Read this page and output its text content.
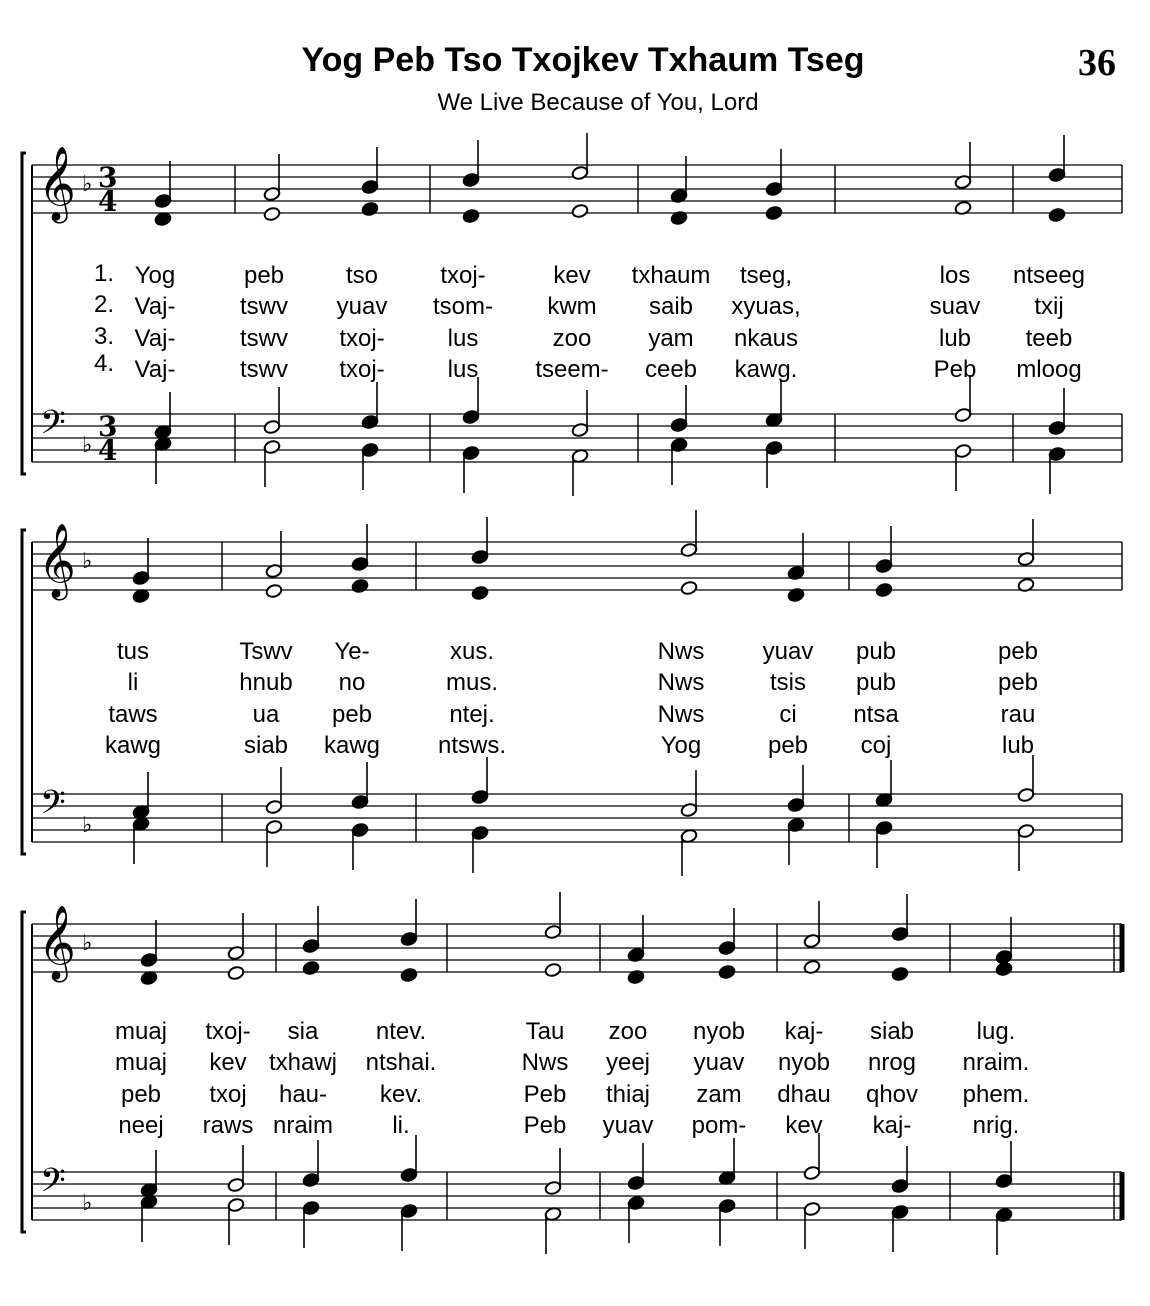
Yog Peb Tso Txojkev Txhaum Tseg
We Live Because of You, Lord
36
𝄞
𝄢
♭
♭
3
4
3
4
𝄞
𝄢
♭
♭
𝄞
𝄢
♭
♭
1. Yog	peb	tso	txoj-	kev txhaum tseg,	los ntseeg
2. Vaj-	tswv yuav tsom- kwm saib xyuas,	suav txij
3. Vaj-	tswv txoj-	lus	zoo yam nkaus	lub teeb
4. Vaj-	tswv txoj-	lus tseem- ceeb kawg.	Peb mloog
tus	Tswv Ye-	xus.	Nws yuav pub	peb
li	hnub no	mus.	Nws	tsis pub	peb
taws	ua peb	ntej.	Nws	ci ntsa	rau
kawg	siab kawg ntsws.	Yog	peb coj	lub
muaj txoj- sia ntev.	Tau zoo nyob kaj- siab	lug.
muaj kev txhawj ntshai.	Nws yeej yuav nyob nrog nraim.
peb txoj hau- kev.	Peb thiaj zam dhau qhov phem.
neej raws nraim li.	Peb yuav pom- kev kaj-	nrig.
